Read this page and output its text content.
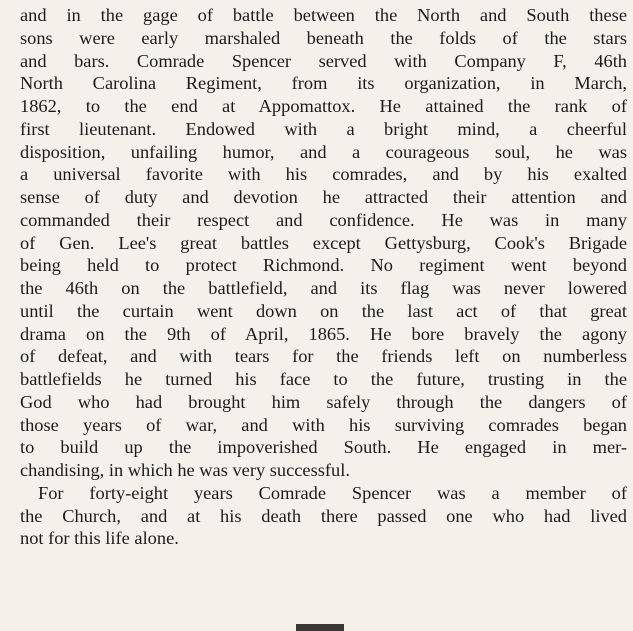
and in the gage of battle between the North and South these
sons were early marshaled beneath the folds of the stars
and bars. Comrade Spencer served with Company F, 46th
North Carolina Regiment, from its organization, in March,
1862, to the end at Appomattox. He attained the rank of
first lieutenant. Endowed with a bright mind, a cheerful
disposition, unfailing humor, and a courageous soul, he was
a universal favorite with his comrades, and by his exalted
sense of duty and devotion he attracted their attention and
commanded their respect and confidence. He was in many
of Gen. Lee's great battles except Gettysburg, Cook's Brigade
being held to protect Richmond. No regiment went beyond
the 46th on the battlefield, and its flag was never lowered
until the curtain went down on the last act of that great
drama on the 9th of April, 1865. He bore bravely the agony
of defeat, and with tears for the friends left on numberless
battlefields he turned his face to the future, trusting in the
God who had brought him safely through the dangers of
those years of war, and with his surviving comrades began
to build up the impoverished South. He engaged in mer-
chandising, in which he was very successful.
For forty-eight years Comrade Spencer was a member of
the Church, and at his death there passed one who had lived
not for this life alone.
